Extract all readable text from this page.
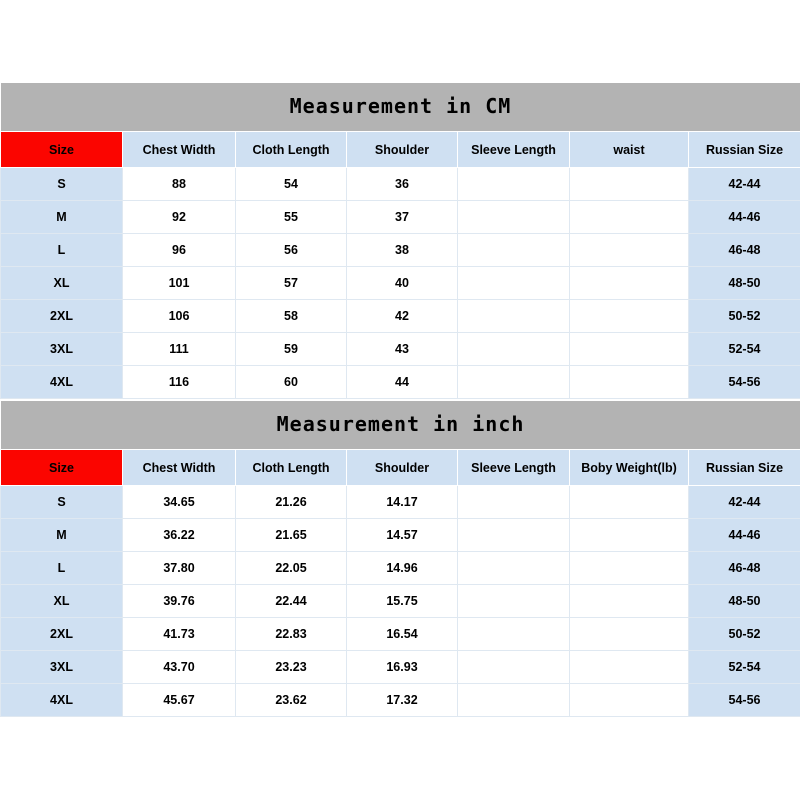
Measurement in CM						
Size	Chest Width	Cloth Length	Shoulder	Sleeve Length	waist	Russian Size
S	88	54	36			42-44
M	92	55	37			44-46
L	96	56	38			46-48
XL	101	57	40			48-50
2XL	106	58	42			50-52
3XL	111	59	43			52-54
4XL	116	60	44			54-56
Measurement in inch						
Size	Chest Width	Cloth Length	Shoulder	Sleeve Length	Boby Weight(lb)	Russian Size
S	34.65	21.26	14.17			42-44
M	36.22	21.65	14.57			44-46
L	37.80	22.05	14.96			46-48
XL	39.76	22.44	15.75			48-50
2XL	41.73	22.83	16.54			50-52
3XL	43.70	23.23	16.93			52-54
4XL	45.67	23.62	17.32			54-56
